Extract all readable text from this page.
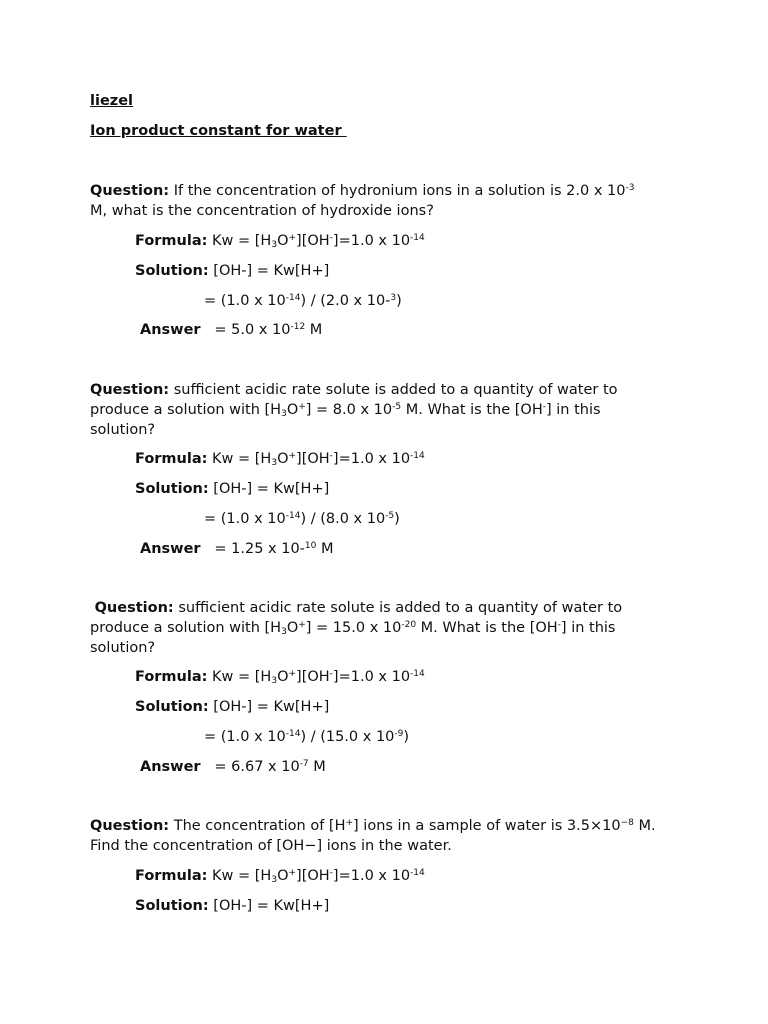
liezel
Ion product constant for water
Question: If the concentration of hydronium ions in a solution is 2.0 x $10^{-3}$
M, what is the concentration of hydroxide ions?
Formula: $Kw = [H_3O^+][OH^-]=1.0$ x $10^{-14}$
Solution: [OH-] = Kw[H+]
= (1.0 x $10^{-14}) / (2.0$ x 10-$^3$)
Answer = 5.0 x $10^{-12}$ M
Question: sufficient acidic rate solute is added to a quantity of water to
produce a solution with $[H_3O^+] = 8.0$ x $10^{-5}$ M. What is the [OH-] in this
solution?
Formula: $Kw = [H_3O^+][OH^-]=1.0$ x $10^{-14}$
Solution: [OH-] = Kw[H+]
= (1.0 x $10^{-14}) / (8.0$ x $10^{-5}$)
Answer = 1.25 x 10-$^{10}$ M
Question: sufficient acidic rate solute is added to a quantity of water to
produce a solution with $[H_3O^+] = 15.0$ x $10^{-20}$ M. What is the [OH-] in this
solution?
Formula: $Kw = [H_3O^+][OH^-]=1.0$ x $10^{-14}$
Solution: [OH-] = Kw[H+]
= (1.0 x $10^{-14}) / (15.0$ x $10^{-9}$)
Answer = 6.67 x $10^{-7}$ M
Question: The concentration of [H+] ions in a sample of water is $3.5\times 10^{-8}$ M.
Find the concentration of [OH−] ions in the water.
Formula: $Kw = [H_3O^+][OH^-]=1.0$ x $10^{-14}$
Solution: [OH-] = Kw[H+]
